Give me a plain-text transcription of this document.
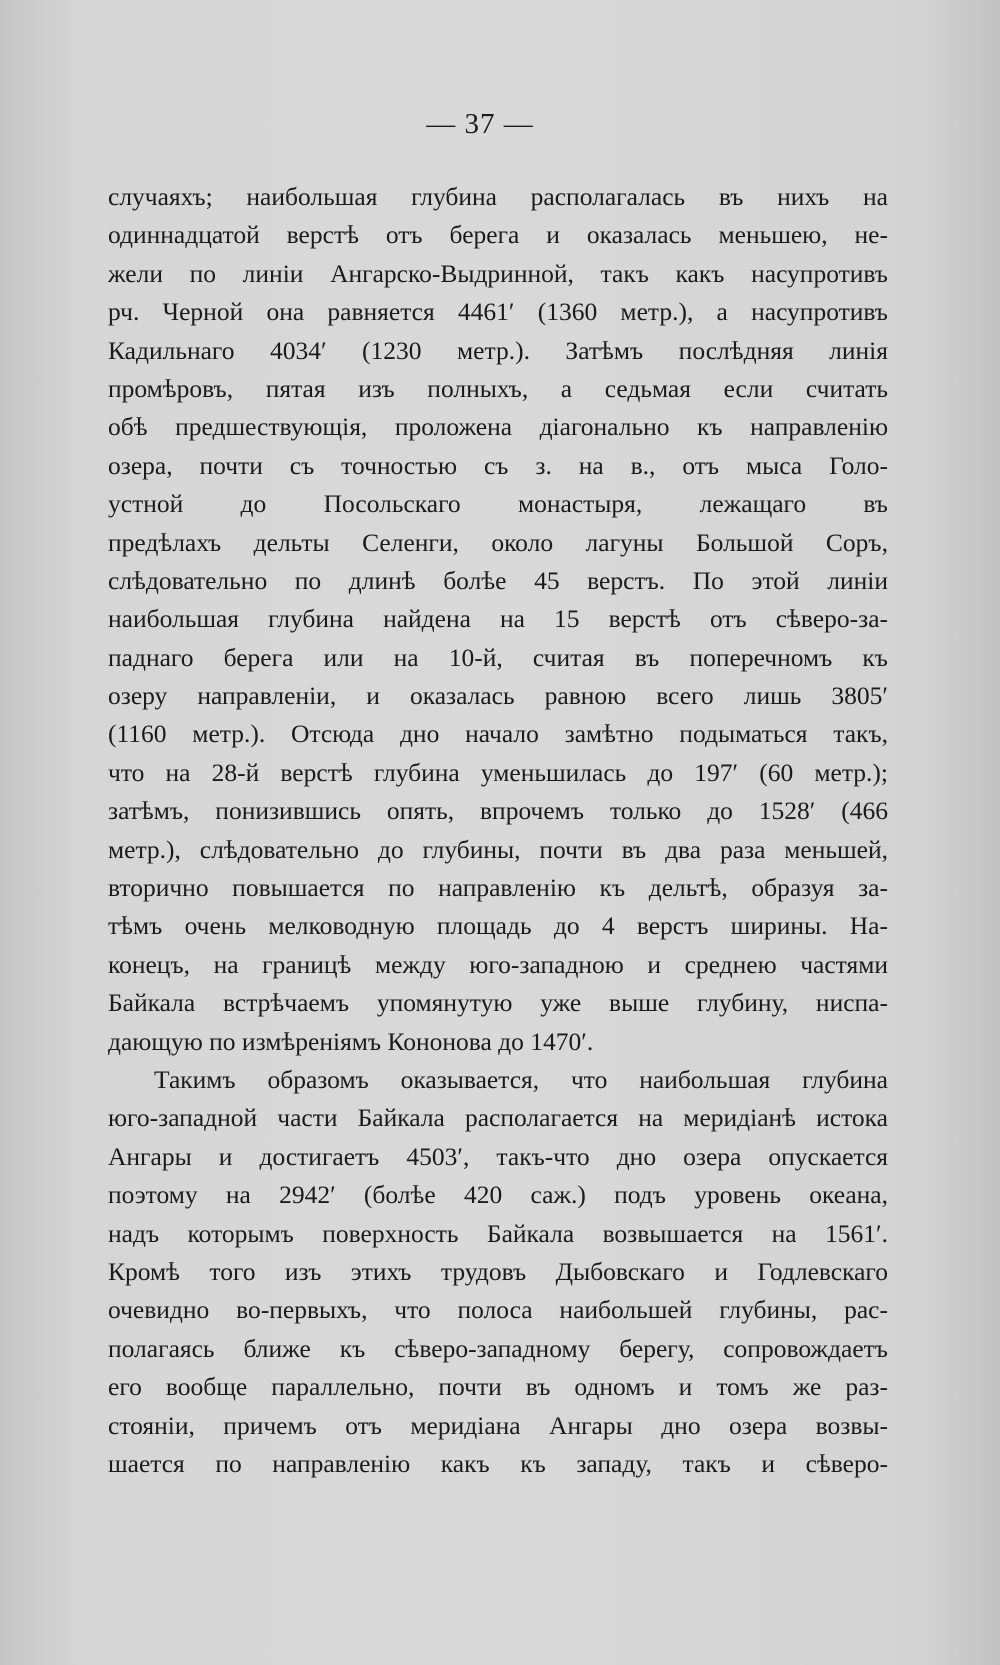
— 37 —
случаяхъ; наибольшая глубина располагалась въ нихъ на
одиннадцатой верстѣ отъ берега и оказалась меньшею, не-
жели по линіи Ангарско-Выдринной, такъ какъ насупротивъ
рч. Черной она равняется 4461′ (1360 метр.), а насупротивъ
Кадильнаго 4034′ (1230 метр.). Затѣмъ послѣдняя линія
промѣровъ, пятая изъ полныхъ, а седьмая если считать
обѣ предшествующія, проложена діагонально къ направленію
озера, почти съ точностью съ з. на в., отъ мыса Голо-
устной до Посольскаго монастыря, лежащаго въ
предѣлахъ дельты Селенги, около лагуны Большой Соръ,
слѣдовательно по длинѣ болѣе 45 верстъ. По этой линіи
наибольшая глубина найдена на 15 верстѣ отъ сѣверо-за-
паднаго берега или на 10-й, считая въ поперечномъ къ
озеру направленіи, и оказалась равною всего лишь 3805′
(1160 метр.). Отсюда дно начало замѣтно подыматься такъ,
что на 28-й верстѣ глубина уменьшилась до 197′ (60 метр.);
затѣмъ, понизившись опять, впрочемъ только до 1528′ (466
метр.), слѣдовательно до глубины, почти въ два раза меньшей,
вторично повышается по направленію къ дельтѣ, образуя за-
тѣмъ очень мелководную площадь до 4 верстъ ширины. На-
конецъ, на границѣ между юго-западною и среднею частями
Байкала встрѣчаемъ упомянутую уже выше глубину, ниспа-
дающую по измѣреніямъ Кононова до 1470′.
Такимъ образомъ оказывается, что наибольшая глубина
юго-западной части Байкала располагается на меридіанѣ истока
Ангары и достигаетъ 4503′, такъ-что дно озера опускается
поэтому на 2942′ (болѣе 420 саж.) подъ уровень океана,
надъ которымъ поверхность Байкала возвышается на 1561′.
Кромѣ того изъ этихъ трудовъ Дыбовскаго и Годлевскаго
очевидно во-первыхъ, что полоса наибольшей глубины, рас-
полагаясь ближе къ сѣверо-западному берегу, сопровождаетъ
его вообще параллельно, почти въ одномъ и томъ же раз-
стояніи, причемъ отъ меридіана Ангары дно озера возвы-
шается по направленію какъ къ западу, такъ и сѣверо-
